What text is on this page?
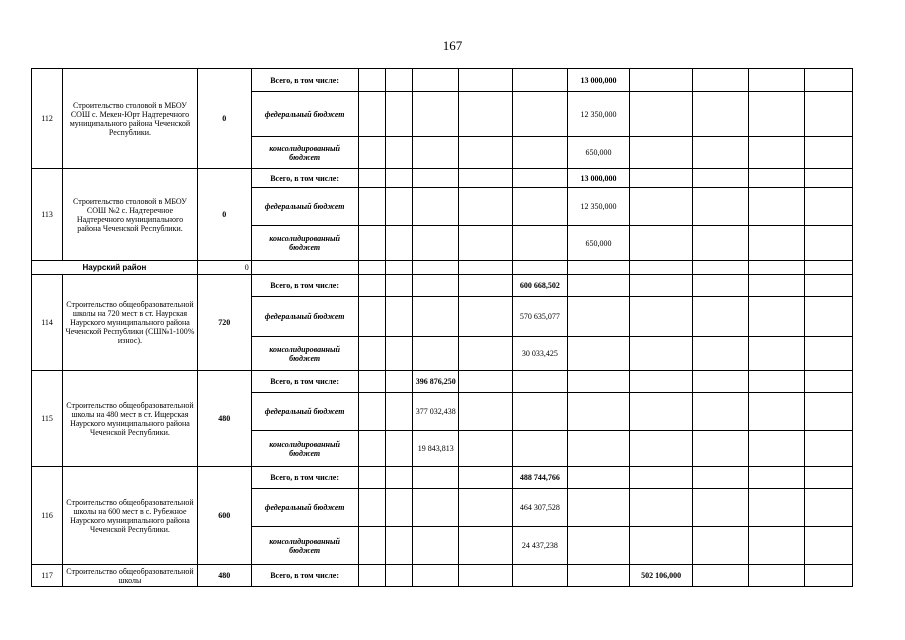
167
112	Строительство столовой в МБОУ СОШ с. Мекен-Юрт Надтеречного муниципального района Чеченской Республики.	0	Всего, в том числе:						13 000,000				
			федеральный бюджет						12 350,000				
			консолидированный бюджет						650,000				
113	Строительство столовой в МБОУ СОШ №2 с. Надтеречное Надтеречного муниципального района Чеченской Республики.	0	Всего, в том числе:						13 000,000				
			федеральный бюджет						12 350,000				
			консолидированный бюджет						650,000				
Наурский район		0											
114	Строительство общеобразовательной школы на 720 мест в ст. Наурская Наурского муниципального района Чеченской Республики (СШ№1-100% износ).	720	Всего, в том числе:					600 668,502					
			федеральный бюджет					570 635,077					
			консолидированный бюджет					30 033,425					
115	Строительство общеобразовательной школы на 480 мест в ст. Ищерская Наурского муниципального района Чеченской Республики.	480	Всего, в том числе:			396 876,250							
			федеральный бюджет			377 032,438							
			консолидированный бюджет			19 843,813							
116	Строительство общеобразовательной школы на 600 мест в с. Рубежное Наурского муниципального района Чеченской Республики.	600	Всего, в том числе:					488 744,766					
			федеральный бюджет					464 307,528					
			консолидированный бюджет					24 437,238					
117	Строительство общеобразовательной школы	480	Всего, в том числе:							502 106,000			
